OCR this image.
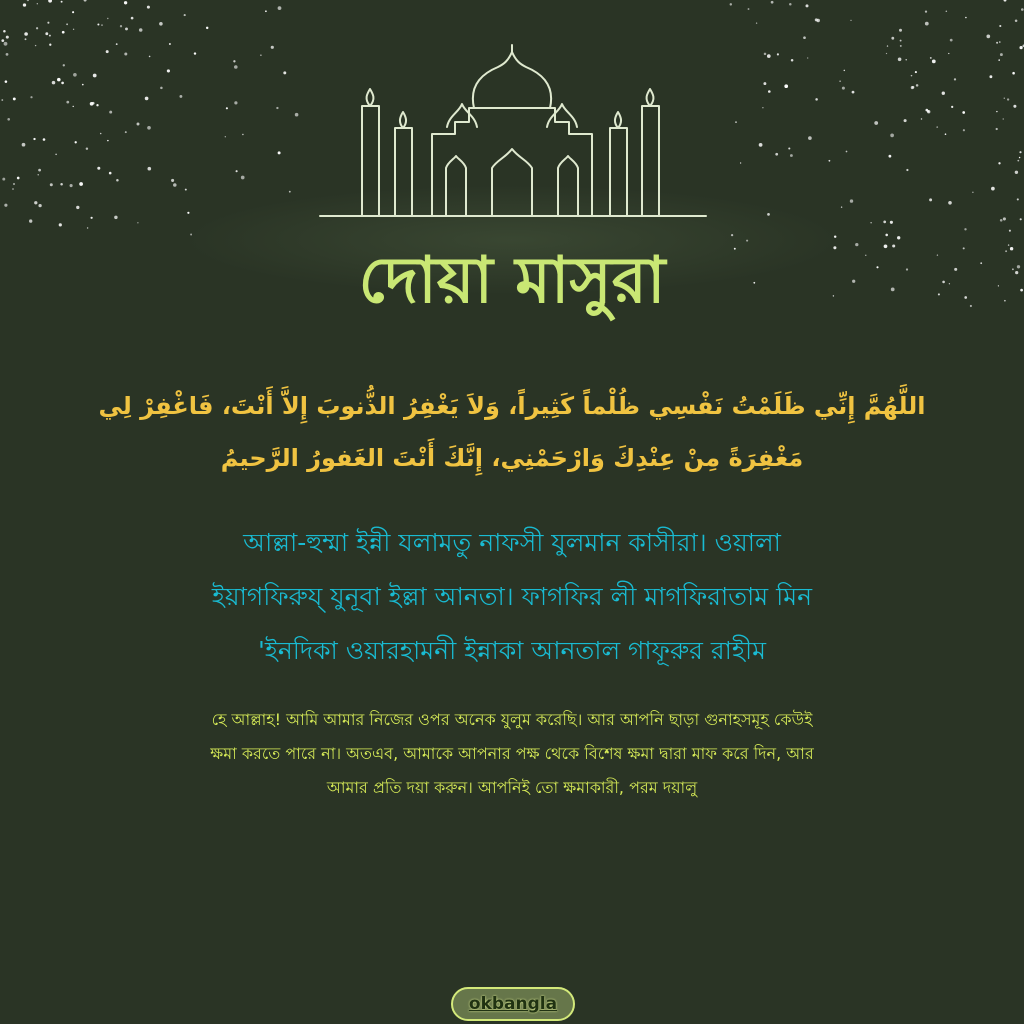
দোয়া মাসুরা

اللَّهُمَّ إِنِّي ظَلَمْتُ نَفْسِي ظُلْماً كَثِيراً، وَلاَ يَغْفِرُ الذُّنوبَ إِلاَّ أَنْتَ، فَاغْفِرْ لِي

مَغْفِرَةً مِنْ عِنْدِكَ وَارْحَمْنِي، إِنَّكَ أَنْتَ الغَفورُ الرَّحيمُ

আল্লা-হুম্মা ইন্নী যলামতু নাফসী যুলমান কাসীরা। ওয়ালা

ইয়াগফিরুয্ যুনূবা ইল্লা আনতা। ফাগফির লী মাগফিরাতাম মিন

'ইনদিকা ওয়ারহামনী ইন্নাকা আনতাল গাফূরুর রাহীম

হে আল্লাহ! আমি আমার নিজের ওপর অনেক যুলুম করেছি। আর আপনি ছাড়া গুনাহসমূহ কেউই

ক্ষমা করতে পারে না। অতএব, আমাকে আপনার পক্ষ থেকে বিশেষ ক্ষমা দ্বারা মাফ করে দিন, আর

আমার প্রতি দয়া করুন। আপনিই তো ক্ষমাকারী, পরম দয়ালু

okbangla
